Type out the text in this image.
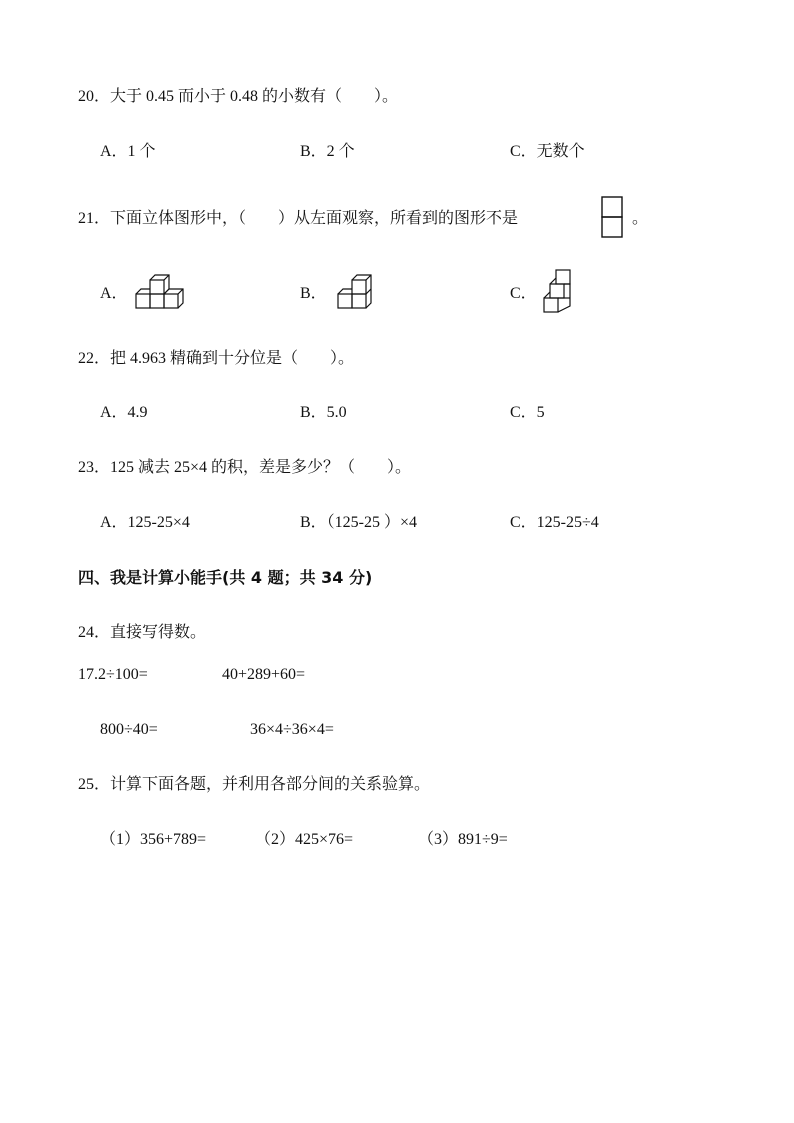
20．大于 0.45 而小于 0.48 的小数有（　　）。
A．1 个	B．2 个	C．无数个
21．下面立体图形中，（　　）从左面观察，所看到的图形不是	。
A．	B．	C．
22．把 4.963 精确到十分位是（　　）。
A．4.9	B．5.0	C．5
23．125 减去 25×4 的积，差是多少？（　　）。
A．125-25×4	B．（125-25 ）×4	C．125-25÷4
四、我是计算小能手(共 4 题；共 34 分)
24．直接写得数。
17.2÷100=	40+289+60=
800÷40=	36×4÷36×4=
25．计算下面各题，并利用各部分间的关系验算。
（1）356+789=	（2）425×76=	（3）891÷9=
